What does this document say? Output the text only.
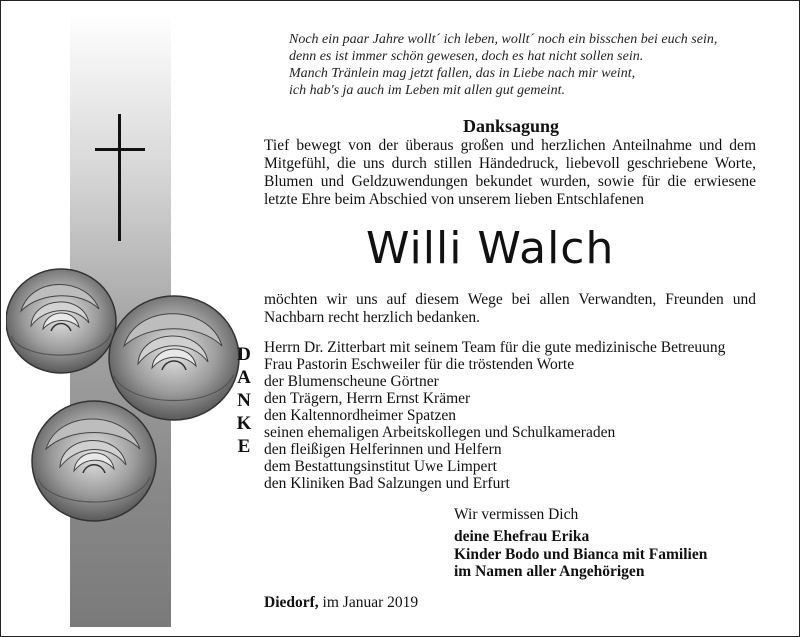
D
A
N
K
E
Noch ein paar Jahre wollt´ ich leben, wollt´ noch ein bisschen bei euch sein,
denn es ist immer schön gewesen, doch es hat nicht sollen sein.
Manch Tränlein mag jetzt fallen, das in Liebe nach mir weint,
ich hab's ja auch im Leben mit allen gut gemeint.
Danksagung
Tief bewegt von der überaus großen und herzlichen Anteilnahme und dem Mitgefühl, die uns durch stillen Händedruck, liebevoll geschriebene Worte, Blumen und Geldzuwendungen bekundet wurden, sowie für die erwiesene letzte Ehre beim Abschied von unserem lieben Entschlafenen
Willi Walch
möchten wir uns auf diesem Wege bei allen Verwandten, Freunden und Nachbarn recht herzlich bedanken.
Herrn Dr. Zitterbart mit seinem Team für die gute medizinische Betreuung
Frau Pastorin Eschweiler für die tröstenden Worte
der Blumenscheune Görtner
den Trägern, Herrn Ernst Krämer
den Kaltennordheimer Spatzen
seinen ehemaligen Arbeitskollegen und Schulkameraden
den fleißigen Helferinnen und Helfern
dem Bestattungsinstitut Uwe Limpert
den Kliniken Bad Salzungen und Erfurt
Wir vermissen Dich
deine Ehefrau Erika
Kinder Bodo und Bianca mit Familien
im Namen aller Angehörigen
Diedorf, im Januar 2019
